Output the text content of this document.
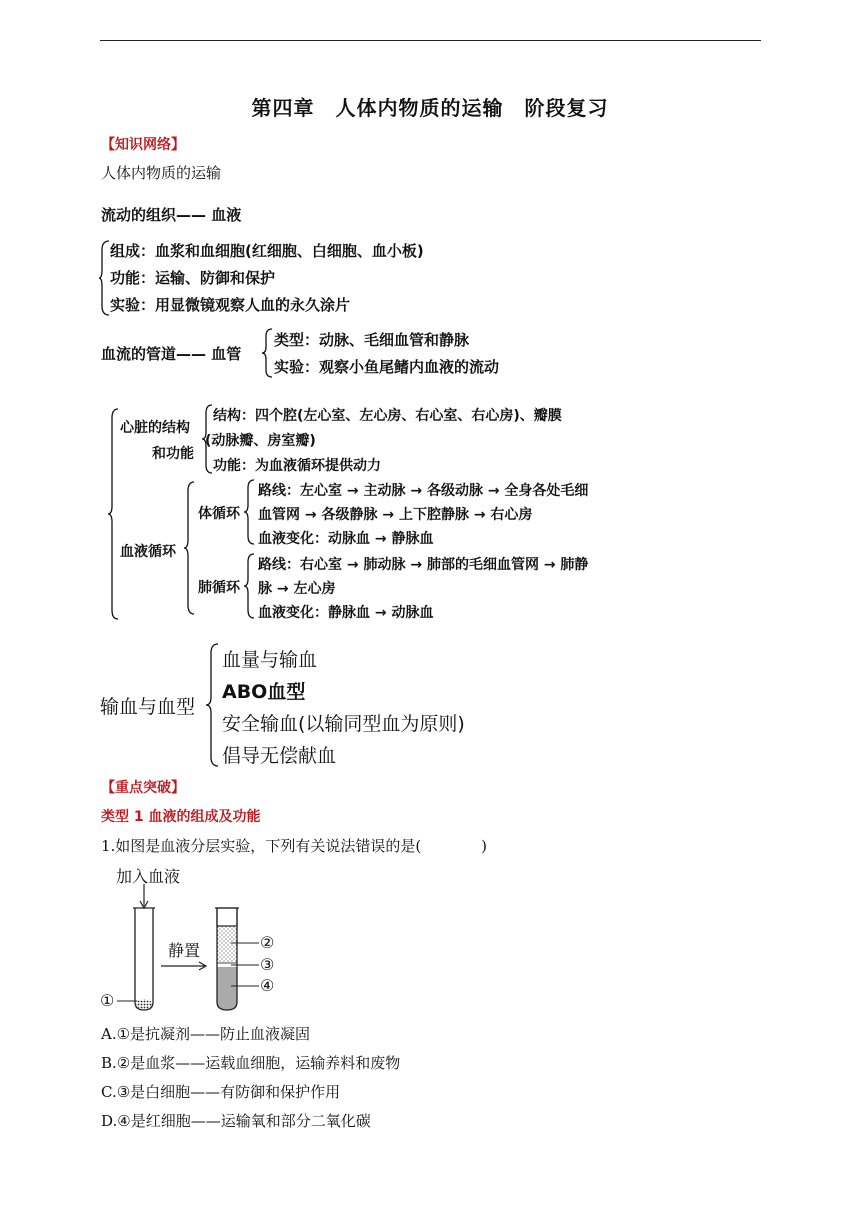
第四章　人体内物质的运输　阶段复习
【知识网络】
人体内物质的运输
流动的组织—— 血液
组成：血浆和血细胞(红细胞、白细胞、血小板)
功能：运输、防御和保护
实验：用显微镜观察人血的永久涂片
血流的管道—— 血管
类型：动脉、毛细血管和静脉
实验：观察小鱼尾鳍内血液的流动
心脏的结构
和功能
结构：四个腔(左心室、左心房、右心室、右心房)、瓣膜
(动脉瓣、房室瓣)
功能：为血液循环提供动力
血液循环
体循环
路线：左心室 → 主动脉 → 各级动脉 → 全身各处毛细
血管网 → 各级静脉 → 上下腔静脉 → 右心房
血液变化：动脉血 → 静脉血
肺循环
路线：右心室 → 肺动脉 → 肺部的毛细血管网 → 肺静
脉 → 左心房
血液变化：静脉血 → 动脉血
输血与血型
血量与输血
ABO血型
安全输血(以输同型血为原则)
倡导无偿献血
【重点突破】
类型 1 血液的组成及功能
1.如图是血液分层实验，下列有关说法错误的是(　　　　)
加入血液
静置
①
②
③
④
A.①是抗凝剂——防止血液凝固
B.②是血浆——运载血细胞，运输养料和废物
C.③是白细胞——有防御和保护作用
D.④是红细胞——运输氧和部分二氧化碳
